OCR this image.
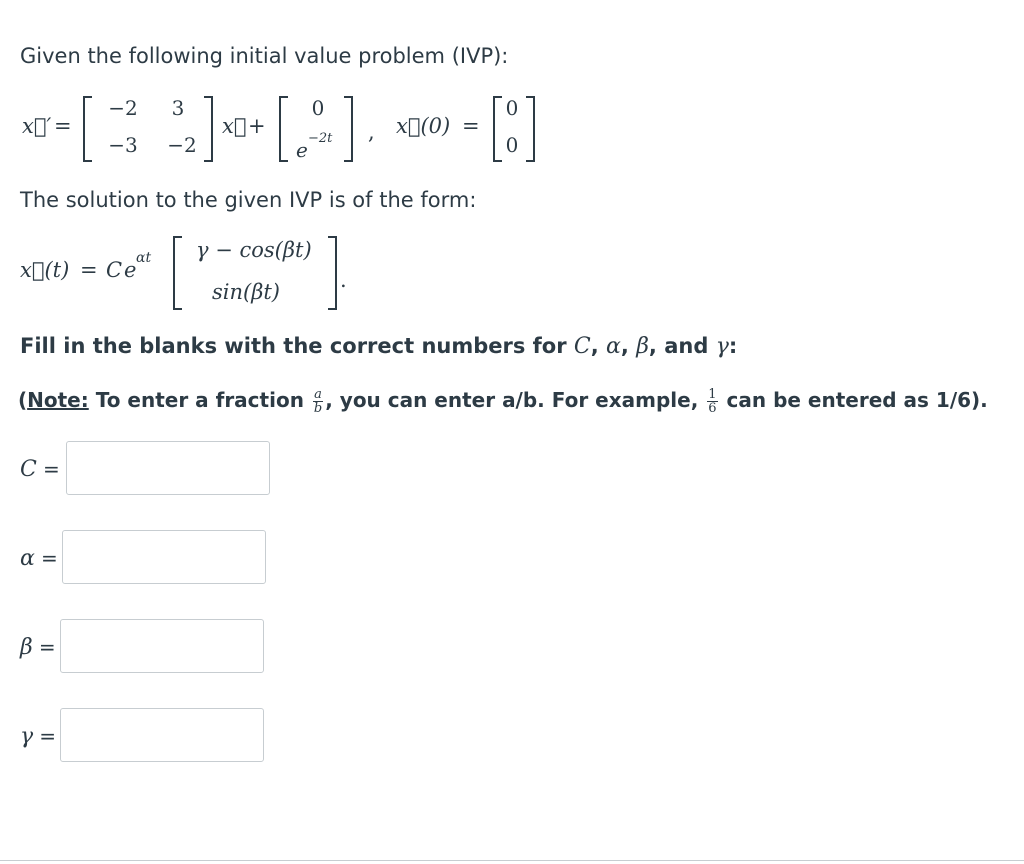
Given the following initial value problem (IVP):
x⃗′ =
−2	3
−3	−2
x⃗ +
0
e −2t , x⃗(0) =
0
0
The solution to the given IVP is of the form:
x⃗(t) = C e αt γ − cos(βt)
sin(βt)	.
Fill in the blanks with the correct numbers for C, α, β, and γ:
(Note: To enter a fraction $\frac{a}{b}$ , you can enter a/b. For example, $\frac{1}{6}$ can be entered as 1/6).
C =
α =
β =
γ =
